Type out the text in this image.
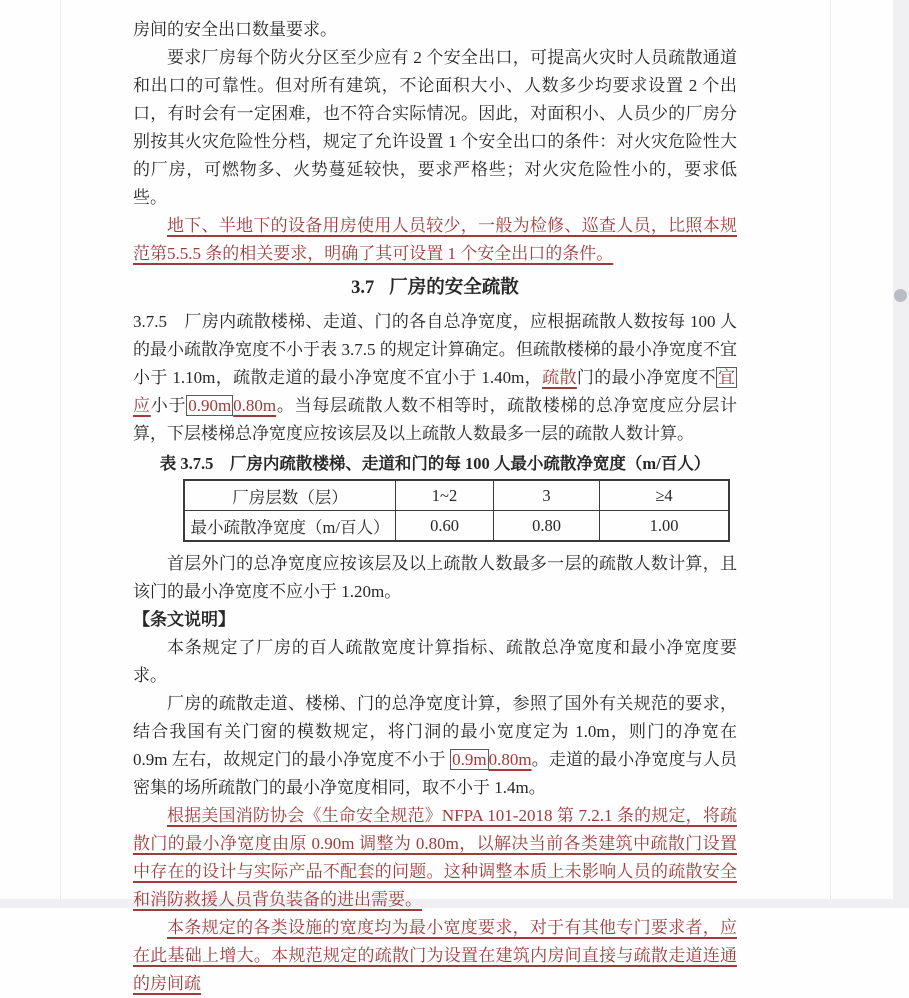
房间的安全出口数量要求。

要求厂房每个防火分区至少应有 2 个安全出口，可提高火灾时人员疏散通道和出口的可靠性。但对所有建筑，不论面积大小、人数多少均要求设置 2 个出口，有时会有一定困难，也不符合实际情况。因此，对面积小、人员少的厂房分别按其火灾危险性分档，规定了允许设置 1 个安全出口的条件：对火灾危险性大的厂房，可燃物多、火势蔓延较快，要求严格些；对火灾危险性小的，要求低些。

地下、半地下的设备用房使用人员较少，一般为检修、巡查人员，比照本规范第5.5.5 条的相关要求，明确了其可设置 1 个安全出口的条件。

3.7 厂房的安全疏散

3.7.5　厂房内疏散楼梯、走道、门的各自总净宽度，应根据疏散人数按每 100 人的最小疏散净宽度不小于表 3.7.5 的规定计算确定。但疏散楼梯的最小净宽度不宜小于 1.10m，疏散走道的最小净宽度不宜小于 1.40m，疏散门的最小净宽度不 宜应小于 0.90m 0.80m。当每层疏散人数不相等时，疏散楼梯的总净宽度应分层计算，下层楼梯总净宽度应按该层及以上疏散人数最多一层的疏散人数计算。

表 3.7.5　厂房内疏散楼梯、走道和门的每 100 人最小疏散净宽度（m/百人）
厂房层数（层）	1~2	3	≥4
最小疏散净宽度（m/百人）	0.60	0.80	1.00

首层外门的总净宽度应按该层及以上疏散人数最多一层的疏散人数计算，且该门的最小净宽度不应小于 1.20m。

【条文说明】

本条规定了厂房的百人疏散宽度计算指标、疏散总净宽度和最小净宽度要求。

厂房的疏散走道、楼梯、门的总净宽度计算，参照了国外有关规范的要求，结合我国有关门窗的模数规定，将门洞的最小宽度定为 1.0m，则门的净宽在 0.9m 左右，故规定门的最小净宽度不小于 0.9m 0.80m。走道的最小净宽度与人员密集的场所疏散门的最小净宽度相同，取不小于 1.4m。

根据美国消防协会《生命安全规范》NFPA 101-2018 第 7.2.1 条的规定，将疏散门的最小净宽度由原 0.90m 调整为 0.80m，以解决当前各类建筑中疏散门设置中存在的设计与实际产品不配套的问题。这种调整本质上未影响人员的疏散安全和消防救援人员背负装备的进出需要。

本条规定的各类设施的宽度均为最小宽度要求，对于有其他专门要求者，应在此基础上增大。本规范规定的疏散门为设置在建筑内房间直接与疏散走道连通的房间疏
